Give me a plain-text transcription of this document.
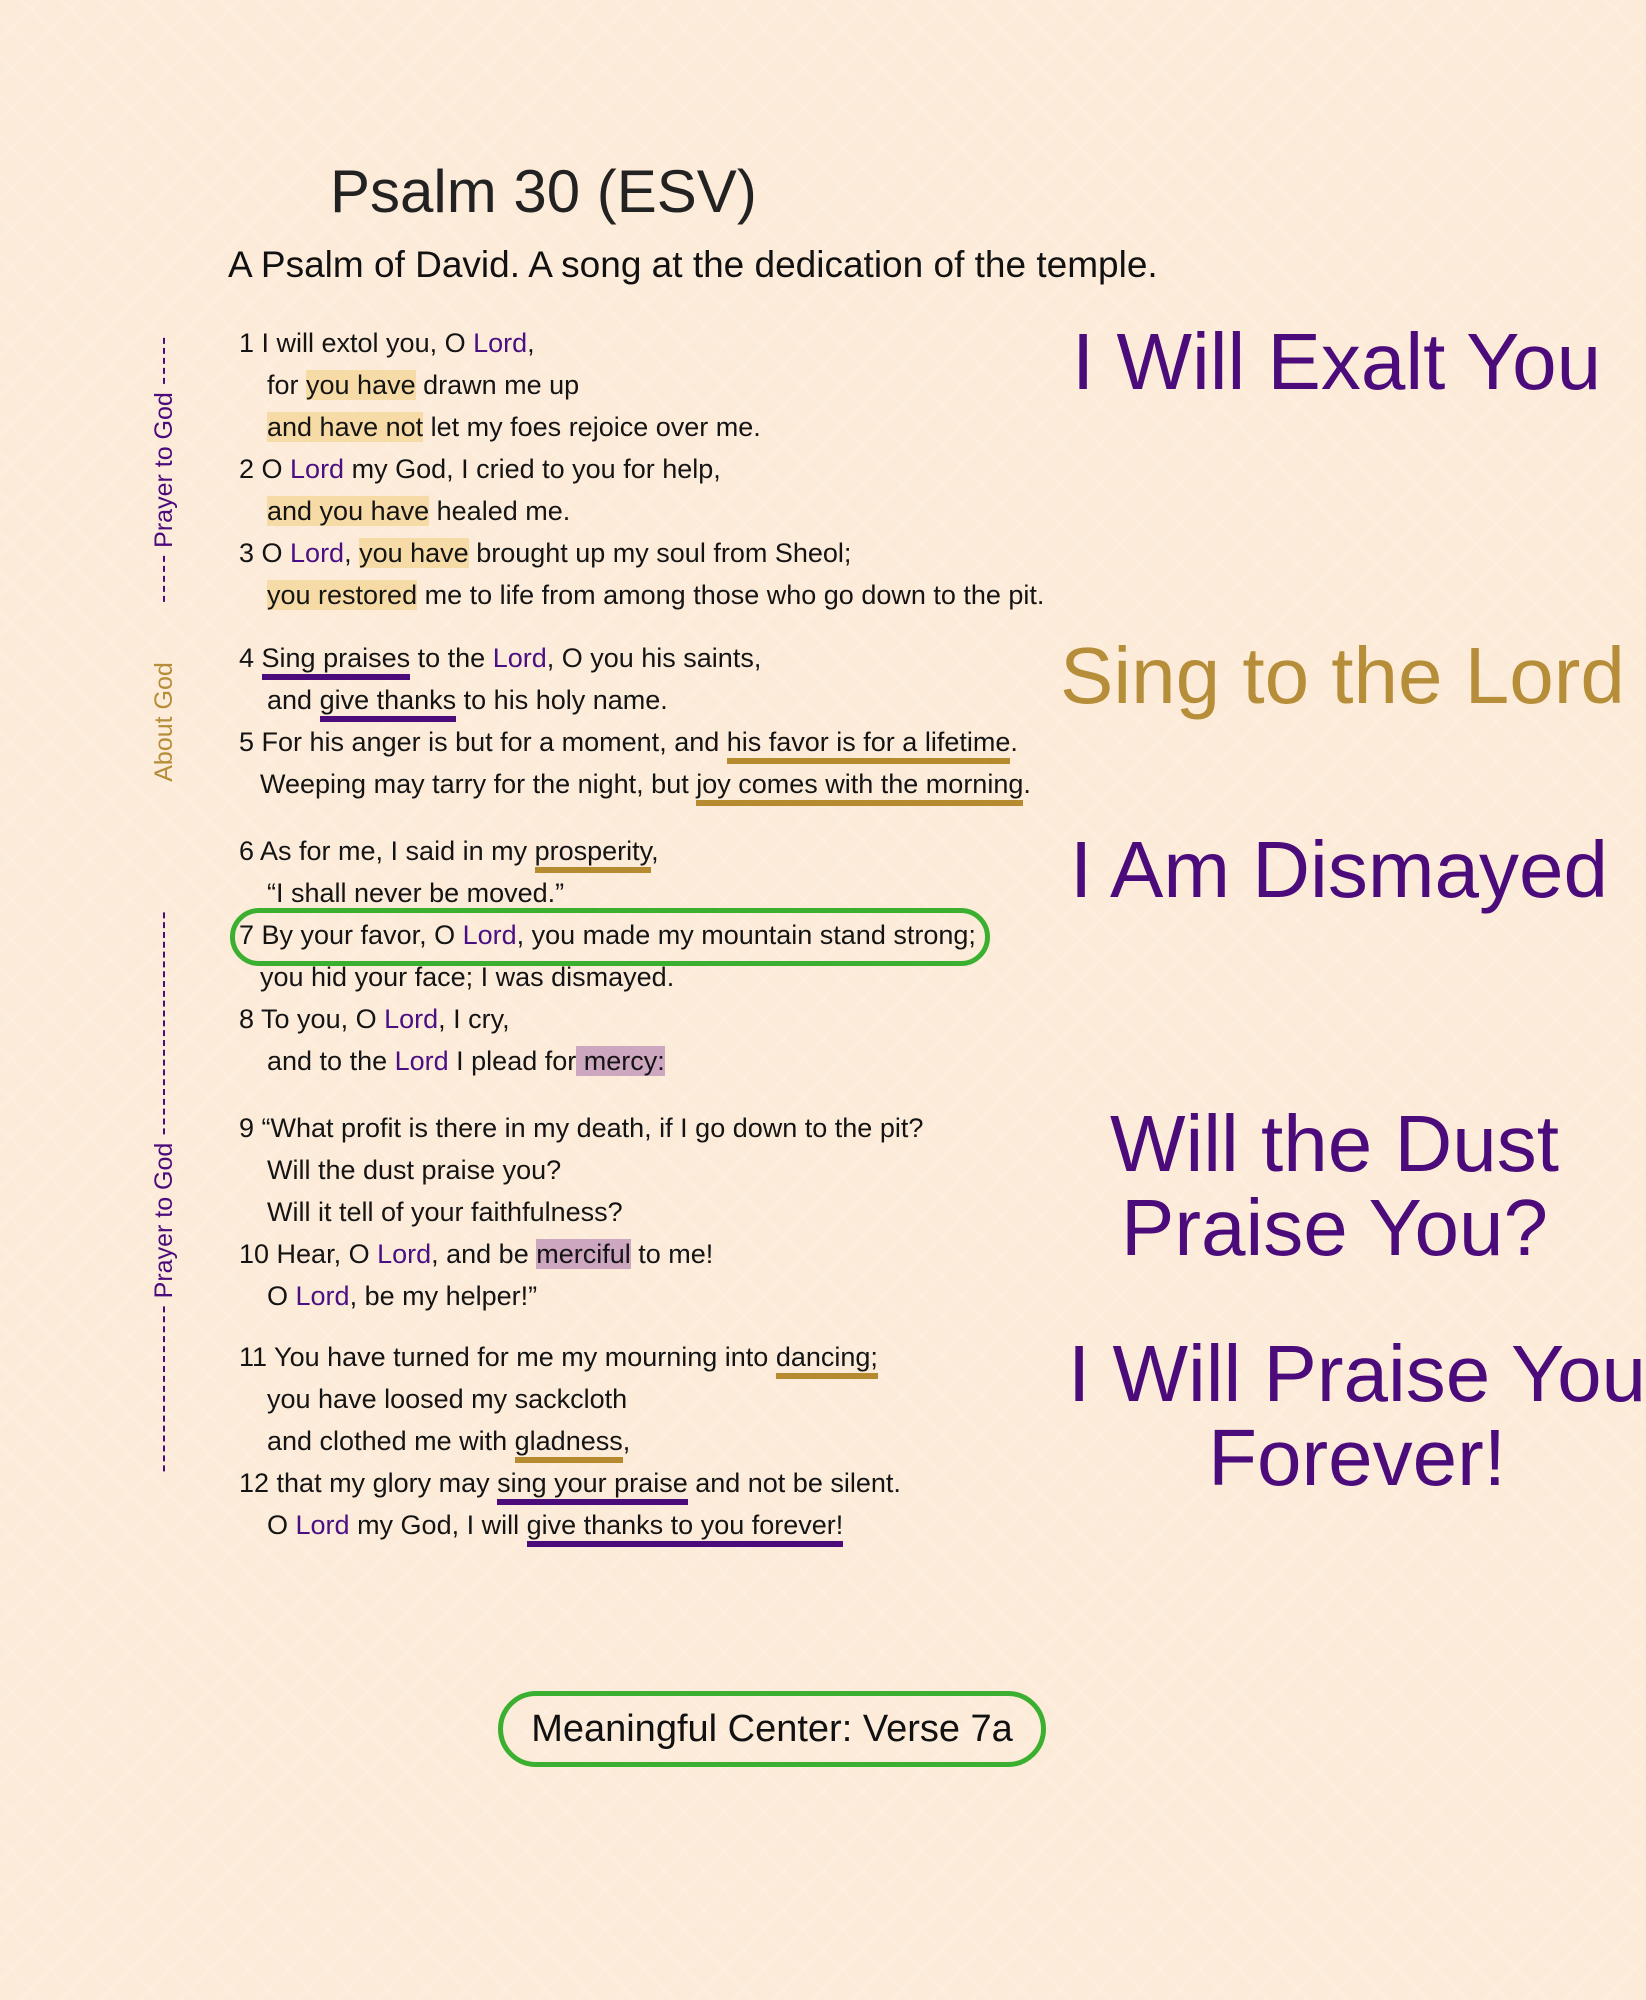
Psalm 30 (ESV)
A Psalm of David. A song at the dedication of the temple.
Prayer to God
About God
Prayer to God
I Will Exalt You
Sing to the Lord
I Am Dismayed
Will the Dust
Praise You?
I Will Praise You
Forever!
1 I will extol you, O Lord,
for you have drawn me up
and have not let my foes rejoice over me.
2 O Lord my God, I cried to you for help,
and you have healed me.
3 O Lord, you have brought up my soul from Sheol;
you restored me to life from among those who go down to the pit.
4 Sing praises to the Lord, O you his saints,
and give thanks to his holy name.
5 For his anger is but for a moment, and his favor is for a lifetime.
Weeping may tarry for the night, but joy comes with the morning.
6 As for me, I said in my prosperity,
“I shall never be moved.”
7 By your favor, O Lord, you made my mountain stand strong;
you hid your face; I was dismayed.
8 To you, O Lord, I cry,
and to the Lord I plead for mercy:
9 “What profit is there in my death, if I go down to the pit?
Will the dust praise you?
Will it tell of your faithfulness?
10 Hear, O Lord, and be merciful to me!
O Lord, be my helper!”
11 You have turned for me my mourning into dancing;
you have loosed my sackcloth
and clothed me with gladness,
12 that my glory may sing your praise and not be silent.
O Lord my God, I will give thanks to you forever!
Meaningful Center: Verse 7a
